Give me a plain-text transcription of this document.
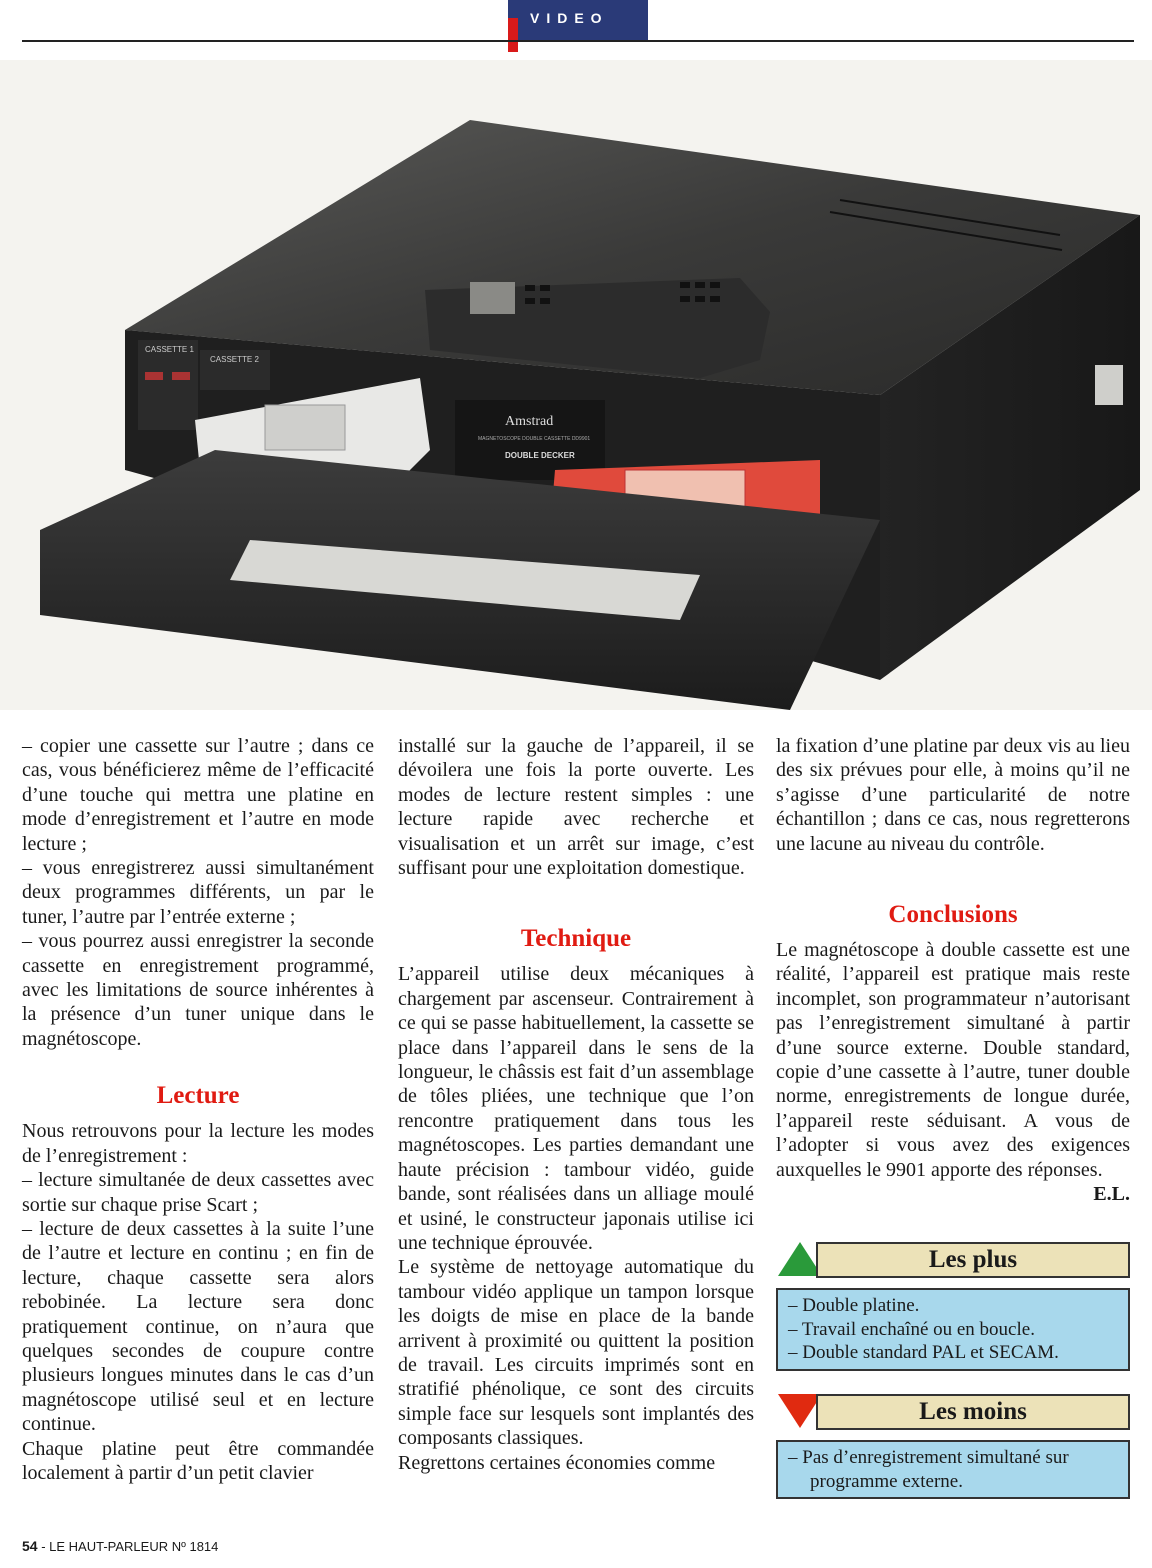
VIDEO
CASSETTE 2
CASSETTE 1
Amstrad
MAGNETOSCOPE DOUBLE CASSETTE DD9901
DOUBLE DECKER

– copier une cassette sur l’autre ; dans ce cas, vous bénéficierez même de l’efficacité d’une touche qui mettra une platine en mode d’enregistrement et l’autre en mode lecture ;

– vous enregistrerez aussi simultanément deux programmes différents, un par le tuner, l’autre par l’entrée externe ;

– vous pourrez aussi enregistrer la seconde cassette en enregistrement programmé, avec les limitations de source inhérentes à la présence d’un tuner unique dans le magnétoscope.

Lecture

Nous retrouvons pour la lecture les modes de l’enregistrement :

– lecture simultanée de deux cassettes avec sortie sur chaque prise Scart ;

– lecture de deux cassettes à la suite l’une de l’autre et lecture en continu ; en fin de lecture, chaque cassette sera alors rebobinée. La lecture sera donc pratiquement continue, on n’aura que quelques secondes de coupure contre plusieurs longues minutes dans le cas d’un magnétoscope utilisé seul et en lecture continue.

Chaque platine peut être commandée localement à partir d’un petit clavier

installé sur la gauche de l’appareil, il se dévoilera une fois la porte ouverte. Les modes de lecture restent simples : une lecture rapide avec recherche et visualisation et un arrêt sur image, c’est suffisant pour une exploitation domestique.

Technique

L’appareil utilise deux mécaniques à chargement par ascenseur. Contrairement à ce qui se passe habituellement, la cassette se place dans l’appareil dans le sens de la longueur, le châssis est fait d’un assemblage de tôles pliées, une technique que l’on rencontre pratiquement dans tous les magnétoscopes. Les parties demandant une haute précision : tambour vidéo, guide bande, sont réalisées dans un alliage moulé et usiné, le constructeur japonais utilise ici une technique éprouvée.

Le système de nettoyage automatique du tambour vidéo applique un tampon lorsque les doigts de mise en place de la bande arrivent à proximité ou quittent la position de travail. Les circuits imprimés sont en stratifié phénolique, ce sont des circuits simple face sur lesquels sont implantés des composants classiques.

Regrettons certaines économies comme

la fixation d’une platine par deux vis au lieu des six prévues pour elle, à moins qu’il ne s’agisse d’une particularité de notre échantillon ; dans ce cas, nous regretterons une lacune au niveau du contrôle.

Conclusions

Le magnétoscope à double cassette est une réalité, l’appareil est pratique mais reste incomplet, son programmateur n’autorisant pas l’enregistrement simultané à partir d’une source externe. Double standard, copie d’une cassette à l’autre, tuner double norme, enregistrements de longue durée, l’appareil reste séduisant. A vous de l’adopter si vous avez des exigences auxquelles le 9901 apporte des réponses.
E.L.

Les plus
– Double platine.
– Travail enchaîné ou en boucle.
– Double standard PAL et SECAM.
Les moins
– Pas d’enregistrement simultané sur programme externe.
54 - LE HAUT-PARLEUR Nº 1814
